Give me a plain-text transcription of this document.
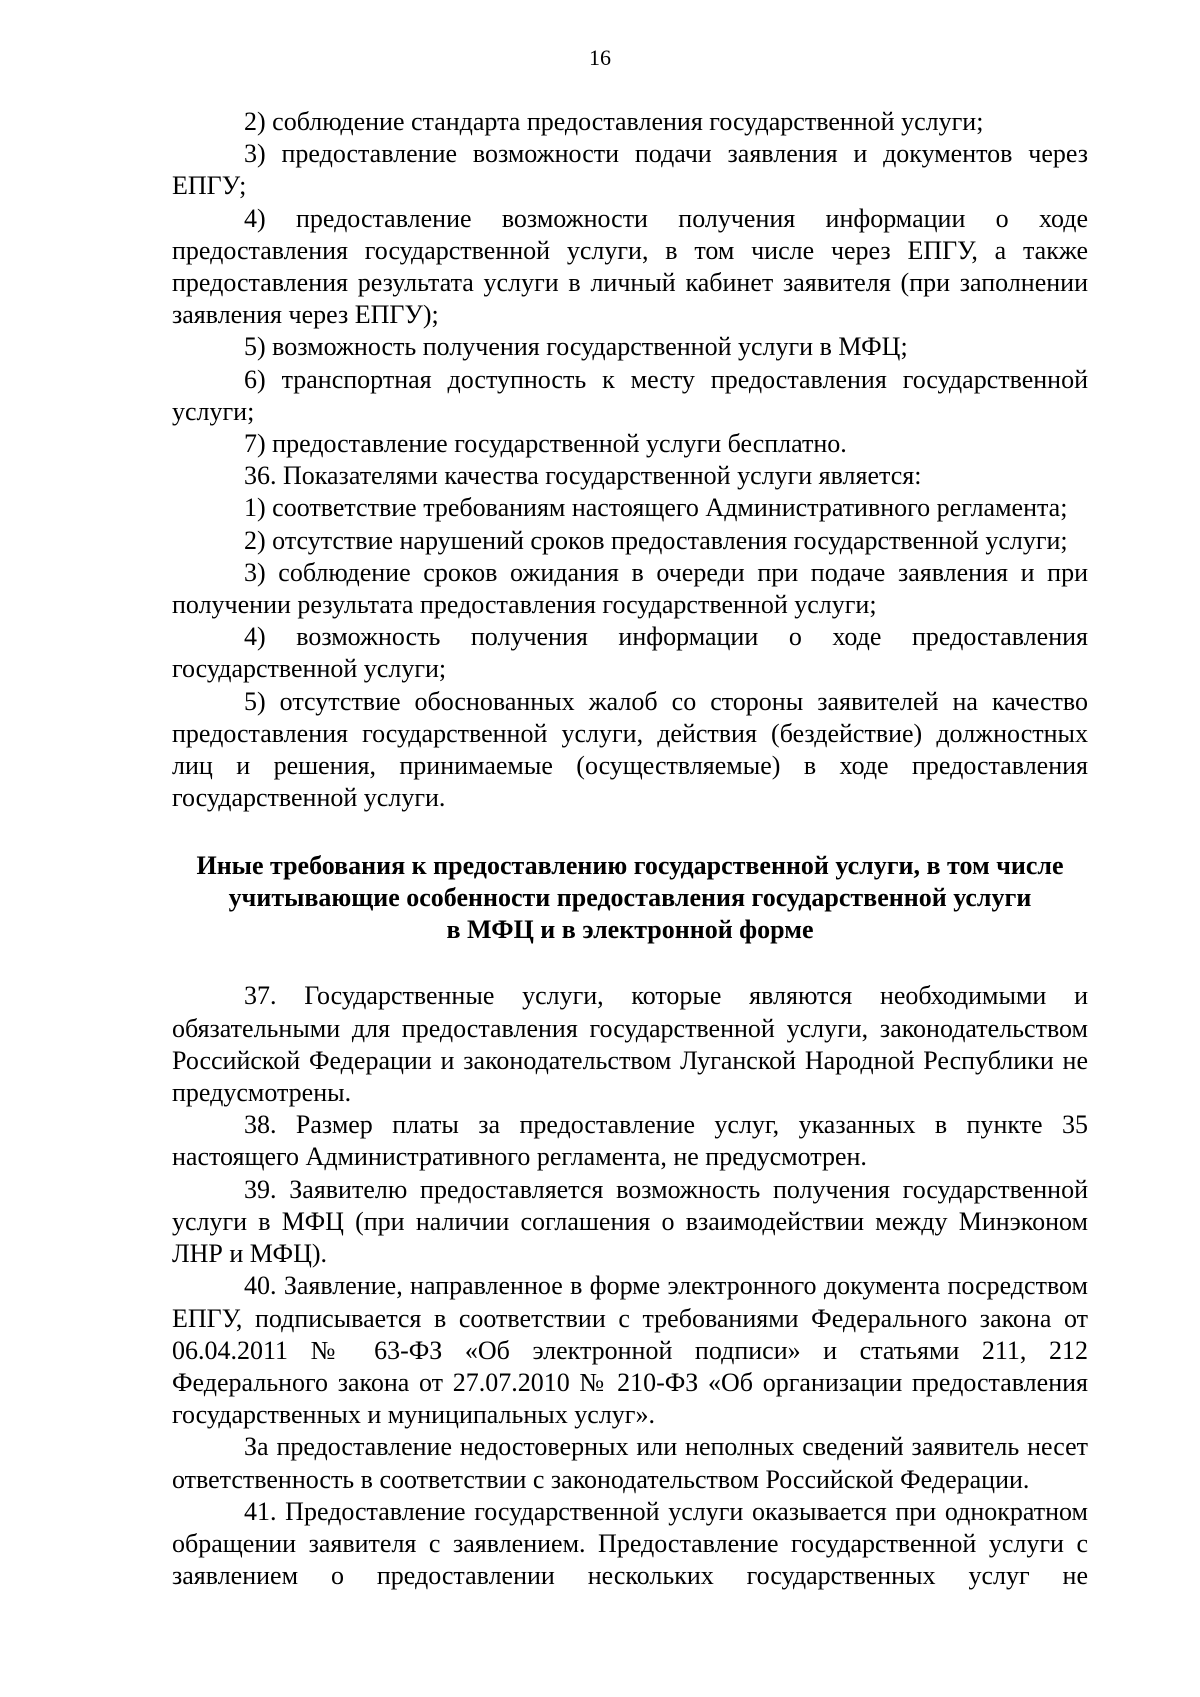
16

2) соблюдение стандарта предоставления государственной услуги;

3) предоставление возможности подачи заявления и документов через ЕПГУ;

4) предоставление возможности получения информации о ходе предоставления государственной услуги, в том числе через ЕПГУ, а также предоставления результата услуги в личный кабинет заявителя (при заполнении заявления через ЕПГУ);

5) возможность получения государственной услуги в МФЦ;

6) транспортная доступность к месту предоставления государственной услуги;

7) предоставление государственной услуги бесплатно.

36. Показателями качества государственной услуги является:

1) соответствие требованиям настоящего Административного регламента;

2) отсутствие нарушений сроков предоставления государственной услуги;

3) соблюдение сроков ожидания в очереди при подаче заявления и при получении результата предоставления государственной услуги;

4) возможность получения информации о ходе предоставления государственной услуги;

5) отсутствие обоснованных жалоб со стороны заявителей на качество предоставления государственной услуги, действия (бездействие) должностных лиц и решения, принимаемые (осуществляемые) в ходе предоставления государственной услуги.

Иные требования к предоставлению государственной услуги, в том числе
учитывающие особенности предоставления государственной услуги
в МФЦ и в электронной форме

37. Государственные услуги, которые являются необходимыми и обязательными для предоставления государственной услуги, законодательством Российской Федерации и законодательством Луганской Народной Республики не предусмотрены.

38. Размер платы за предоставление услуг, указанных в пункте 35 настоящего Административного регламента, не предусмотрен.

39. Заявителю предоставляется возможность получения государственной услуги в МФЦ (при наличии соглашения о взаимодействии между Минэконом ЛНР и МФЦ).

40. Заявление, направленное в форме электронного документа посредством ЕПГУ, подписывается в соответствии с требованиями Федерального закона от 06.04.2011 № 63-ФЗ «Об электронной подписи» и статьями 211, 212 Федерального закона от 27.07.2010 № 210-ФЗ «Об организации предоставления государственных и муниципальных услуг».

За предоставление недостоверных или неполных сведений заявитель несет ответственность в соответствии с законодательством Российской Федерации.

41. Предоставление государственной услуги оказывается при однократном обращении заявителя с заявлением. Предоставление государственной услуги с заявлением о предоставлении нескольких государственных услуг не
